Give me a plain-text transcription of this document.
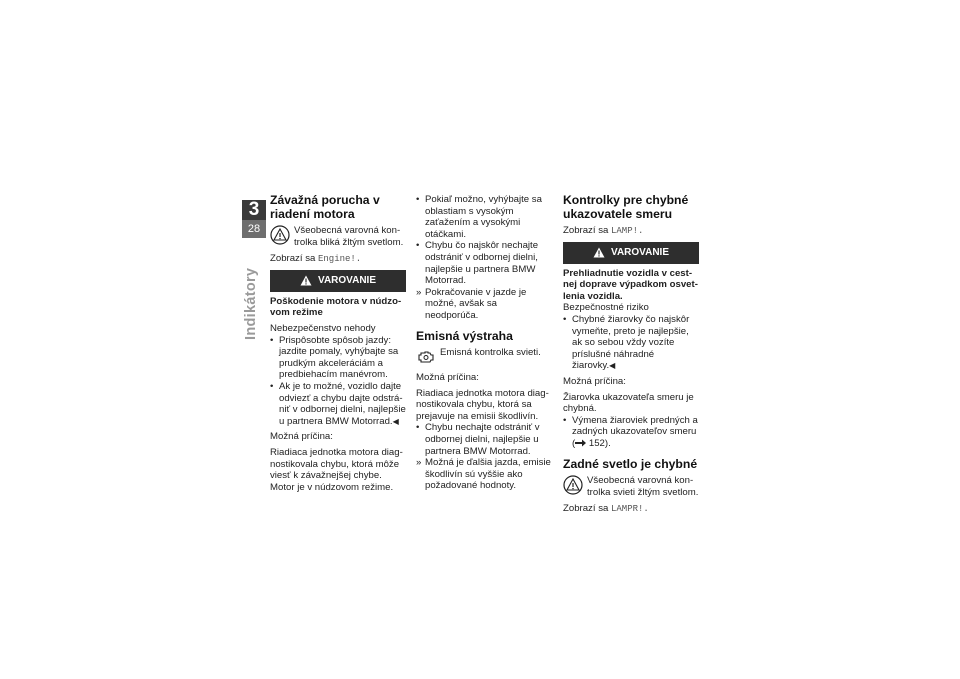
3
28
Indikátory
Závažná porucha v riadení motora
Všeobecná varovná kontrolka bliká žltým svetlom.

Zobrazí sa Engine!.

VAROVANIE

Poškodenie motora v núdzovom režime

Nebezpečenstvo nehody

• Prispôsobte spôsob jazdy: jazdite pomaly, vyhýbajte sa prudkým akceleráciám a predbiehacím manévrom.
• Ak je to možné, vozidlo dajte odviezť a chybu dajte odstrániť v odbornej dielni, najlepšie u partnera BMW Motorrad.◀

Možná príčina:

Riadiaca jednotka motora diagnostikovala chybu, ktorá môže viesť k závažnejšej chybe. Motor je v núdzovom režime.

• Pokiaľ možno, vyhýbajte sa oblastiam s vysokým zaťažením a vysokými otáčkami.
• Chybu čo najskôr nechajte odstrániť v odbornej dielni, najlepšie u partnera BMW Motorrad.
» Pokračovanie v jazde je možné, avšak sa neodporúča.
Emisná výstraha
Emisná kontrolka svieti.

Možná príčina:

Riadiaca jednotka motora diagnostikovala chybu, ktorá sa prejavuje na emisii škodlivín.

• Chybu nechajte odstrániť v odbornej dielni, najlepšie u partnera BMW Motorrad.
» Možná je ďalšia jazda, emisie škodlivín sú vyššie ako požadované hodnoty.
Kontrolky pre chybné ukazovatele smeru

Zobrazí sa LAMP!.

VAROVANIE

Prehliadnutie vozidla v cestnej doprave výpadkom osvetlenia vozidla.

Bezpečnostné riziko

• Chybné žiarovky čo najskôr vymeňte, preto je najlepšie, ak so sebou vždy vozíte príslušné náhradné žiarovky.◀

Možná príčina:

Žiarovka ukazovateľa smeru je chybná.

• Výmena žiaroviek predných a zadných ukazovateľov smeru
( 152).
Zadné svetlo je chybné
Všeobecná varovná kontrolka svieti žltým svetlom.

Zobrazí sa LAMPR!.
